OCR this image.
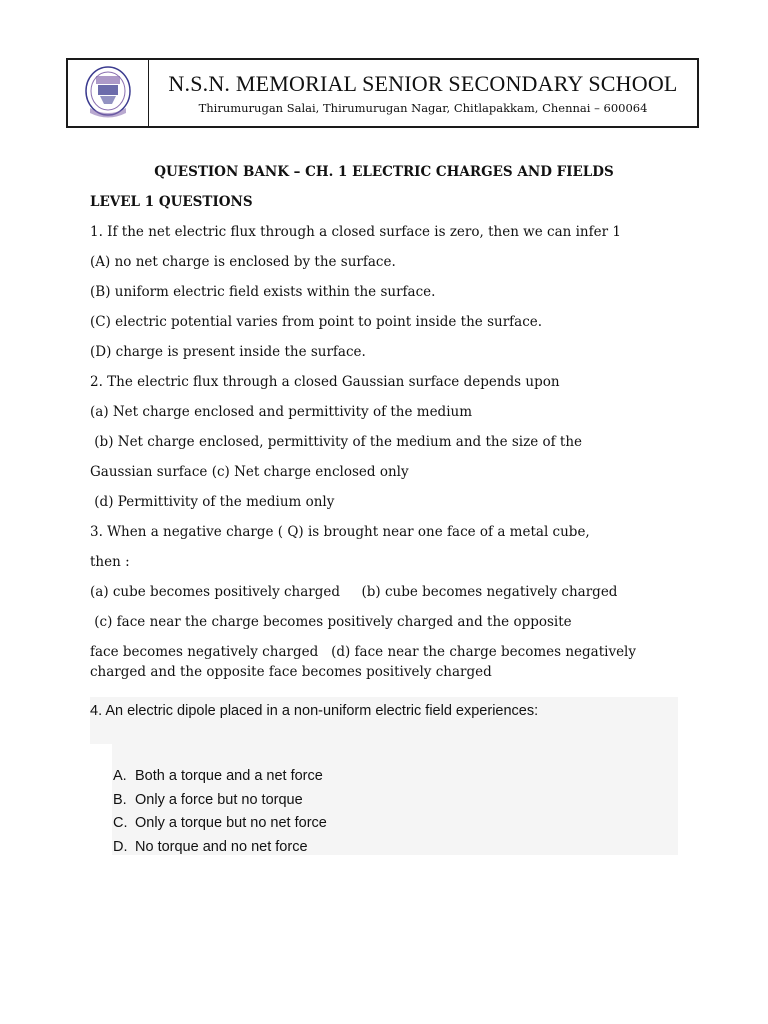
N.S.N. MEMORIAL SENIOR SECONDARY SCHOOL
Thirumurugan Salai, Thirumurugan Nagar, Chitlapakkam, Chennai – 600064
QUESTION BANK – CH. 1 ELECTRIC CHARGES AND FIELDS
LEVEL 1 QUESTIONS
1. If the net electric flux through a closed surface is zero, then we can infer 1
(A) no net charge is enclosed by the surface.
(B) uniform electric field exists within the surface.
(C) electric potential varies from point to point inside the surface.
(D) charge is present inside the surface.
2. The electric flux through a closed Gaussian surface depends upon
(a) Net charge enclosed and permittivity of the medium
(b) Net charge enclosed, permittivity of the medium and the size of the
Gaussian surface (c) Net charge enclosed only
(d) Permittivity of the medium only
3. When a negative charge ( Q) is brought near one face of a metal cube,
then :
(a) cube becomes positively charged     (b) cube becomes negatively charged
(c) face near the charge becomes positively charged and the opposite
face becomes negatively charged   (d) face near the charge becomes negatively
charged and the opposite face becomes positively charged
4. An electric dipole placed in a non-uniform electric field experiences:
A. Both a torque and a net force
B. Only a force but no torque
C. Only a torque but no net force
D. No torque and no net force
